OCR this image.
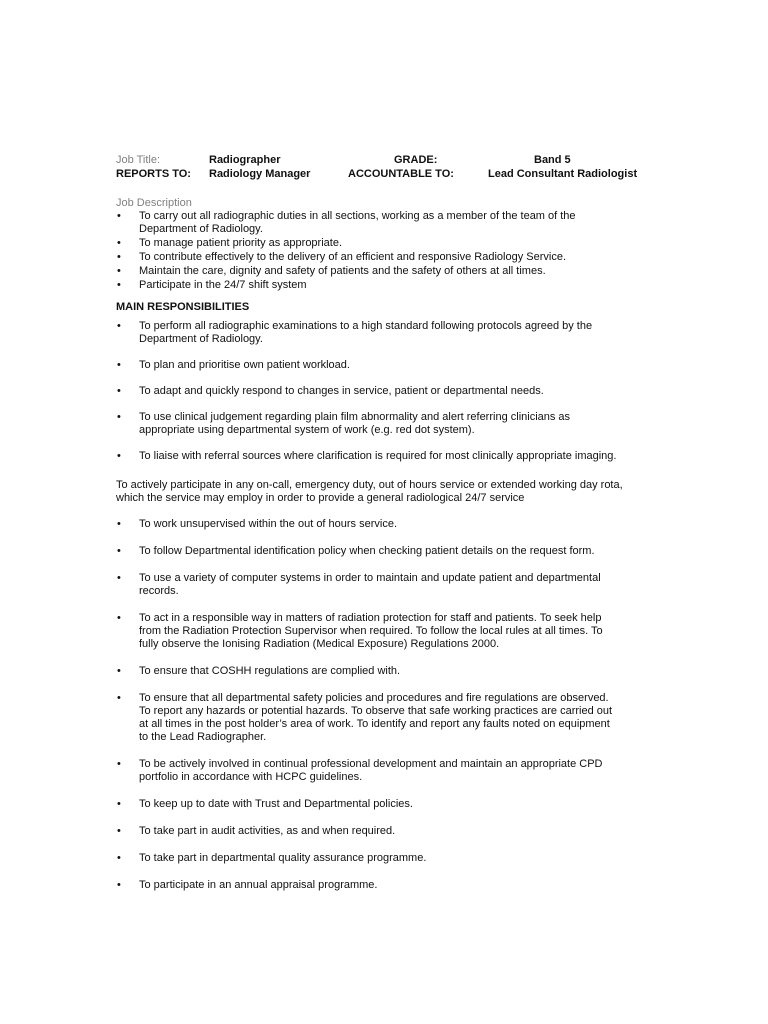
Job Title:	Radiographer	GRADE:	Band 5
REPORTS TO: Radiology Manager	ACCOUNTABLE TO:	Lead Consultant Radiologist
Job Description
• To carry out all radiographic duties in all sections, working as a member of the team of the
Department of Radiology.
• To manage patient priority as appropriate.
• To contribute effectively to the delivery of an efficient and responsive Radiology Service.
• Maintain the care, dignity and safety of patients and the safety of others at all times.
• Participate in the 24/7 shift system
MAIN RESPONSIBILITIES
• To perform all radiographic examinations to a high standard following protocols agreed by the
Department of Radiology.
• To plan and prioritise own patient workload.
• To adapt and quickly respond to changes in service, patient or departmental needs.
• To use clinical judgement regarding plain film abnormality and alert referring clinicians as
appropriate using departmental system of work (e.g. red dot system).
• To liaise with referral sources where clarification is required for most clinically appropriate imaging.
To actively participate in any on-call, emergency duty, out of hours service or extended working day rota,
which the service may employ in order to provide a general radiological 24/7 service
• To work unsupervised within the out of hours service.
• To follow Departmental identification policy when checking patient details on the request form.
• To use a variety of computer systems in order to maintain and update patient and departmental
records.
• To act in a responsible way in matters of radiation protection for staff and patients. To seek help
from the Radiation Protection Supervisor when required. To follow the local rules at all times. To
fully observe the Ionising Radiation (Medical Exposure) Regulations 2000.
• To ensure that COSHH regulations are complied with.
• To ensure that all departmental safety policies and procedures and fire regulations are observed.
To report any hazards or potential hazards. To observe that safe working practices are carried out
at all times in the post holder’s area of work. To identify and report any faults noted on equipment
to the Lead Radiographer.
• To be actively involved in continual professional development and maintain an appropriate CPD
portfolio in accordance with HCPC guidelines.
• To keep up to date with Trust and Departmental policies.
• To take part in audit activities, as and when required.
• To take part in departmental quality assurance programme.
• To participate in an annual appraisal programme.
